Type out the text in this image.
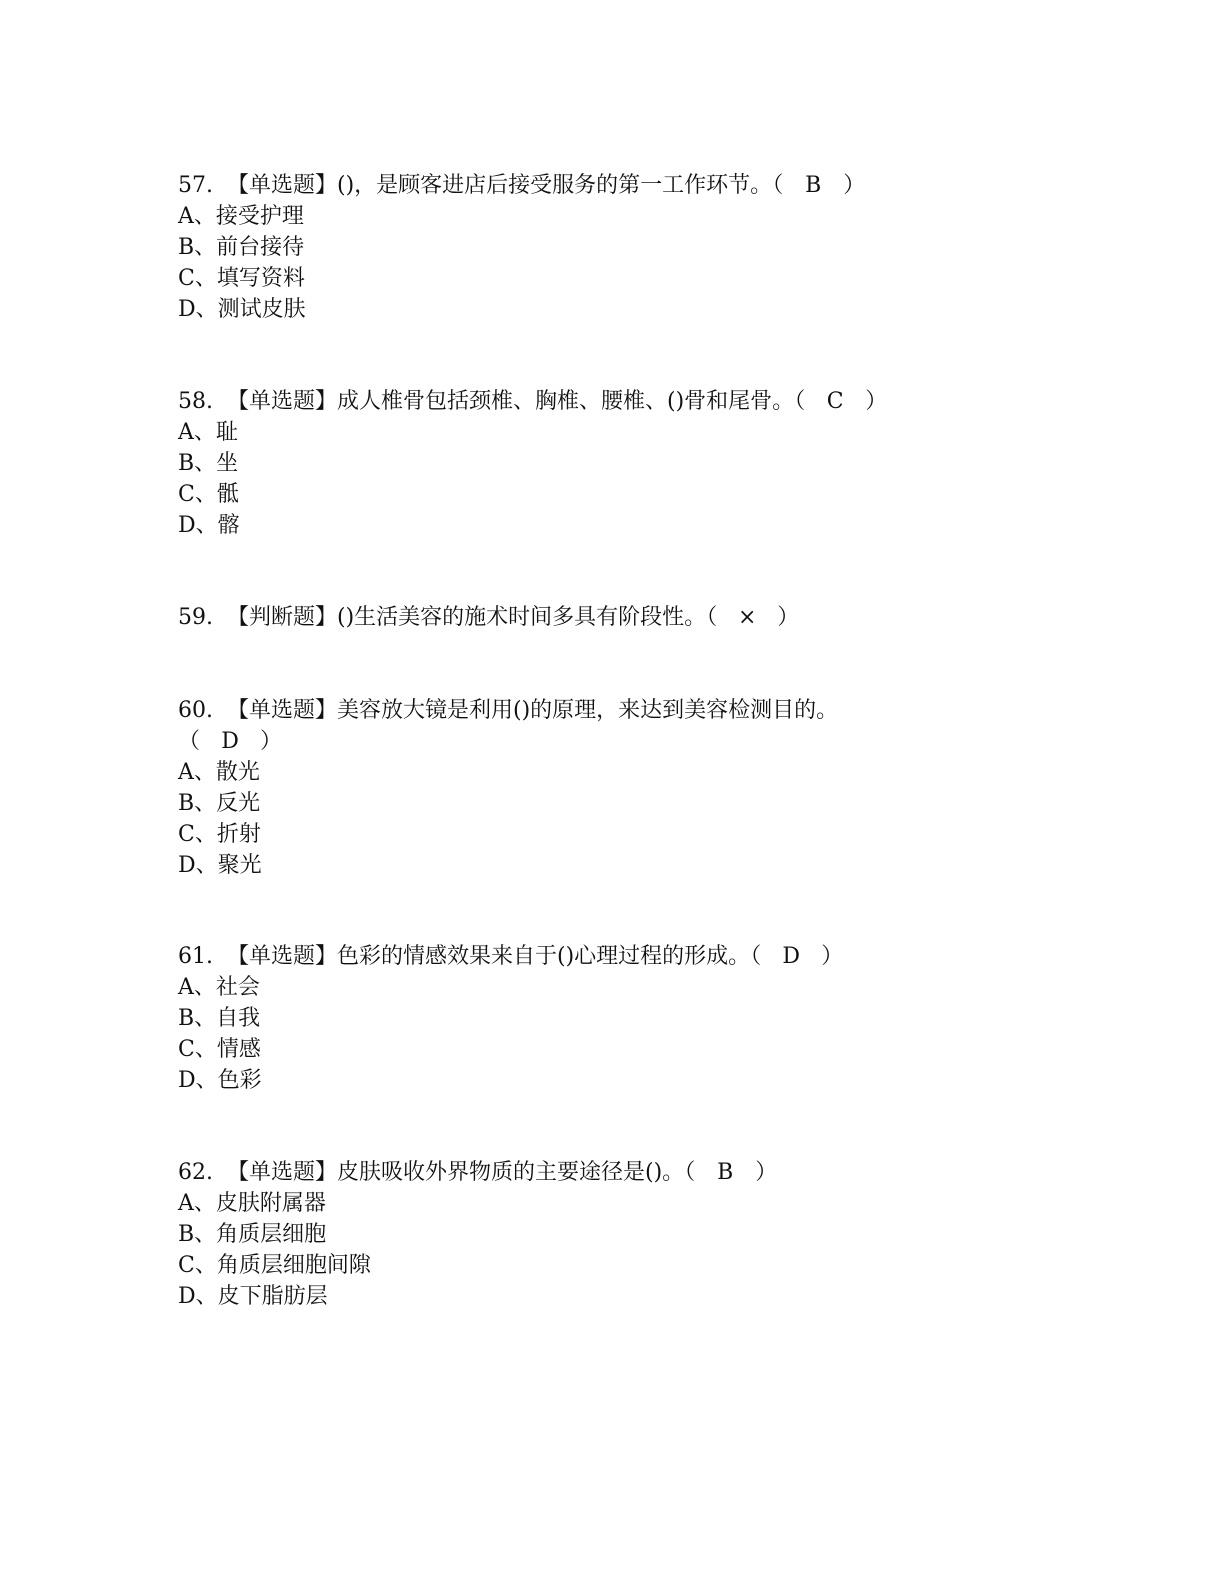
57. 【单选题】()，是顾客进店后接受服务的第一工作环节。（ B ）
A、接受护理
B、前台接待
C、填写资料
D、测试皮肤
58. 【单选题】成人椎骨包括颈椎、胸椎、腰椎、()骨和尾骨。（ C ）
A、耻
B、坐
C、骶
D、髂
59. 【判断题】()生活美容的施术时间多具有阶段性。（ × ）
60. 【单选题】美容放大镜是利用()的原理，来达到美容检测目的。
（ D ）
A、散光
B、反光
C、折射
D、聚光
61. 【单选题】色彩的情感效果来自于()心理过程的形成。（ D ）
A、社会
B、自我
C、情感
D、色彩
62. 【单选题】皮肤吸收外界物质的主要途径是()。（ B ）
A、皮肤附属器
B、角质层细胞
C、角质层细胞间隙
D、皮下脂肪层
